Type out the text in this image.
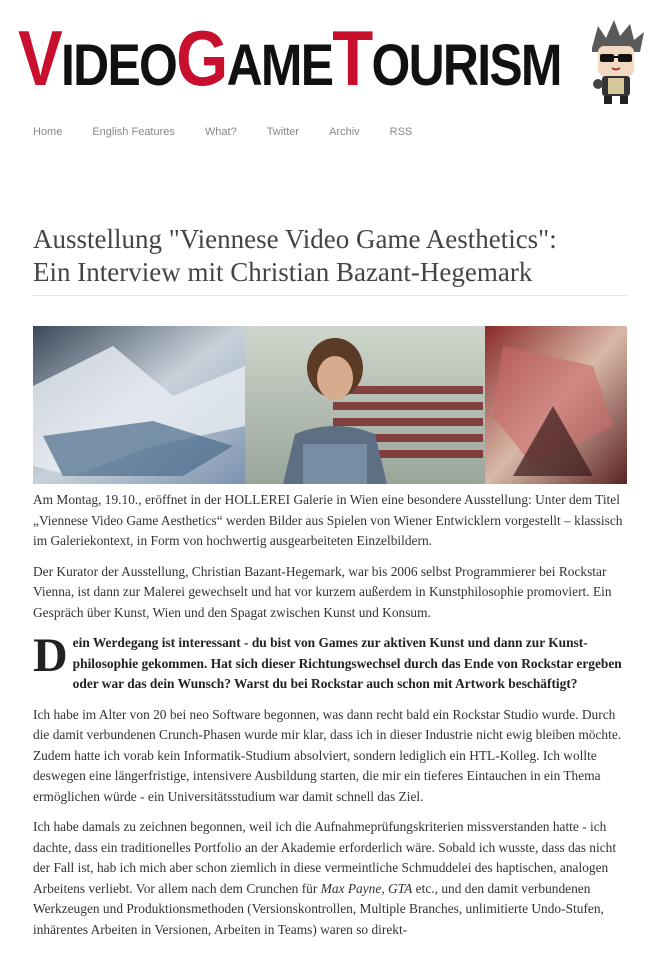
VIDEOGAMETOURISM
Home	English Features	What?	Twitter	Archiv	RSS
Ausstellung "Viennese Video Game Aesthetics":
Ein Interview mit Christian Bazant-Hegemark

Am Montag, 19.10., eröffnet in der HOLLEREI Galerie in Wien eine besondere Ausstellung: Unter dem Titel „Viennese Video Game Aesthetics“ werden Bilder aus Spielen von Wiener Entwicklern vorgestellt – klassisch im Galeriekontext, in Form von hochwertig ausgearbeiteten Einzelbildern.

Der Kurator der Ausstellung, Christian Bazant-Hegemark, war bis 2006 selbst Programmierer bei Rockstar Vienna, ist dann zur Malerei gewechselt und hat vor kurzem außerdem in Kunstphilosophie promoviert. Ein Gespräch über Kunst, Wien und den Spagat zwischen Kunst und Konsum.

Dein Werdegang ist interessant - du bist von Games zur aktiven Kunst und dann zur Kunstphilosophie gekommen. Hat sich dieser Richtungswechsel durch das Ende von Rockstar ergeben oder war das dein Wunsch? Warst du bei Rockstar auch schon mit Artwork beschäftigt?

Ich habe im Alter von 20 bei neo Software begonnen, was dann recht bald ein Rockstar Studio wurde. Durch die damit verbundenen Crunch-Phasen wurde mir klar, dass ich in dieser Industrie nicht ewig bleiben möchte. Zudem hatte ich vorab kein Informatik-Studium absolviert, sondern lediglich ein HTL-Kolleg. Ich wollte deswegen eine längerfristige, intensivere Ausbildung starten, die mir ein tieferes Eintauchen in ein Thema ermöglichen würde - ein Universitätsstudium war damit schnell das Ziel.

Ich habe damals zu zeichnen begonnen, weil ich die Aufnahmeprüfungskriterien missverstanden hatte - ich dachte, dass ein traditionelles Portfolio an der Akademie erforderlich wäre. Sobald ich wusste, dass das nicht der Fall ist, hab ich mich aber schon ziemlich in diese vermeintliche Schmuddelei des haptischen, analogen Arbeitens verliebt. Vor allem nach dem Crunchen für Max Payne, GTA etc., und den damit verbundenen Werkzeugen und Produktionsmethoden (Versionskontrollen, Multiple Branches, unlimitierte Undo-Stufen, inhärentes Arbeiten in Versionen, Arbeiten in Teams) waren so direkt-
